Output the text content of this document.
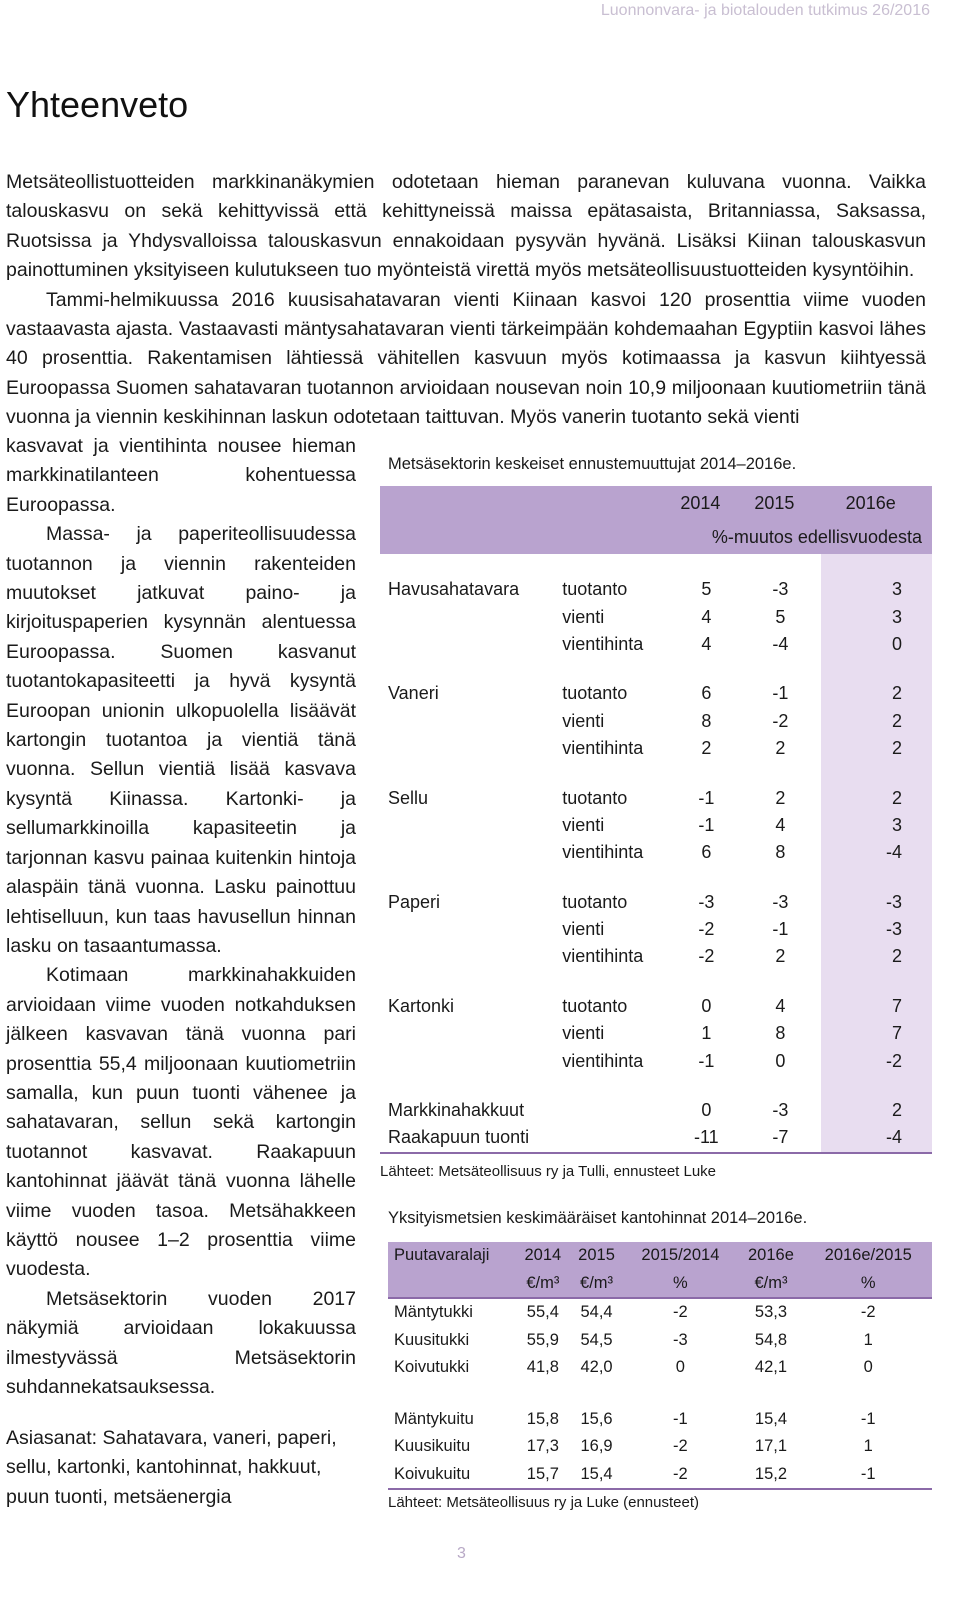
Luonnonvara- ja biotalouden tutkimus 26/2016
Yhteenveto

Metsäteollistuotteiden markkinanäkymien odotetaan hieman paranevan kuluvana vuonna. Vaikka talouskasvu on sekä kehittyvissä että kehittyneissä maissa epätasaista, Britanniassa, Saksassa, Ruotsissa ja Yhdysvalloissa talouskasvun ennakoidaan pysyvän hyvänä. Lisäksi Kiinan talouskasvun painottuminen yksityiseen kulutukseen tuo myönteistä virettä myös metsäteollisuustuotteiden kysyntöihin.

Tammi-helmikuussa 2016 kuusisahatavaran vienti Kiinaan kasvoi 120 prosenttia viime vuoden vastaavasta ajasta. Vastaavasti mäntysahatavaran vienti tärkeimpään kohdemaahan Egyptiin kasvoi lähes 40 prosenttia. Rakentamisen lähtiessä vähitellen kasvuun myös kotimaassa ja kasvun kiihtyessä Euroopassa Suomen sahatavaran tuotannon arvioidaan nousevan noin 10,9 miljoonaan kuutiometriin tänä vuonna ja viennin keskihinnan laskun odotetaan taittuvan. Myös vanerin tuotanto sekä vienti

kasvavat ja vientihinta nousee hieman markkinatilanteen kohentuessa Euroopassa.

Massa- ja paperiteollisuudessa tuotannon ja viennin rakenteiden muutokset jatkuvat paino- ja kirjoituspaperien kysynnän alentuessa Euroopassa. Suomen kasvanut tuotantokapasiteetti ja hyvä kysyntä Euroopan unionin ulkopuolella lisäävät kartongin tuotantoa ja vientiä tänä vuonna. Sellun vientiä lisää kasvava kysyntä Kiinassa. Kartonki- ja sellumarkkinoilla kapasiteetin ja tarjonnan kasvu painaa kuitenkin hintoja alaspäin tänä vuonna. Lasku painottuu lehtiselluun, kun taas havusellun hinnan lasku on tasaantumassa.

Kotimaan markkinahakkuiden arvioidaan viime vuoden notkahduksen jälkeen kasvavan tänä vuonna pari prosenttia 55,4 miljoonaan kuutiometriin samalla, kun puun tuonti vähenee ja sahatavaran, sellun sekä kartongin tuotannot kasvavat. Raakapuun kantohinnat jäävät tänä vuonna lähelle viime vuoden tasoa. Metsähakkeen käyttö nousee 1–2 prosenttia viime vuodesta.

Metsäsektorin vuoden 2017 näkymiä arvioidaan lokakuussa ilmestyvässä Metsäsektorin suhdannekatsauksessa.

Asiasanat: Sahatavara, vaneri, paperi, sellu, kartonki, kantohinnat, hakkuut, puun tuonti, metsäenergia
Metsäsektorin keskeiset ennustemuuttujat 2014–2016e.
		2014	2015	2016e
		%-muutos edellisvuodesta		

Havusahatavara	tuotanto	5	-3	3
	vienti	4	5	3
	vientihinta	4	-4	0

Vaneri	tuotanto	6	-1	2
	vienti	8	-2	2
	vientihinta	2	2	2

Sellu	tuotanto	-1	2	2
	vienti	-1	4	3
	vientihinta	6	8	-4

Paperi	tuotanto	-3	-3	-3
	vienti	-2	-1	-3
	vientihinta	-2	2	2

Kartonki	tuotanto	0	4	7
	vienti	1	8	7
	vientihinta	-1	0	-2

Markkinahakkuut		0	-3	2
Raakapuun tuonti		-11	-7	-4
Lähteet: Metsäteollisuus ry ja Tulli, ennusteet Luke				
Yksityismetsien keskimääräiset kantohinnat 2014–2016e.
Puutavaralaji	2014	2015	2015/2014	2016e	2016e/2015
	€/m³	€/m³	%	€/m³	%
Mäntytukki	55,4	54,4	-2	53,3	-2
Kuusitukki	55,9	54,5	-3	54,8	1
Koivutukki	41,8	42,0	0	42,1	0

Mäntykuitu	15,8	15,6	-1	15,4	-1
Kuusikuitu	17,3	16,9	-2	17,1	1
Koivukuitu	15,7	15,4	-2	15,2	-1
Lähteet: Metsäteollisuus ry ja Luke (ennusteet)					
3
